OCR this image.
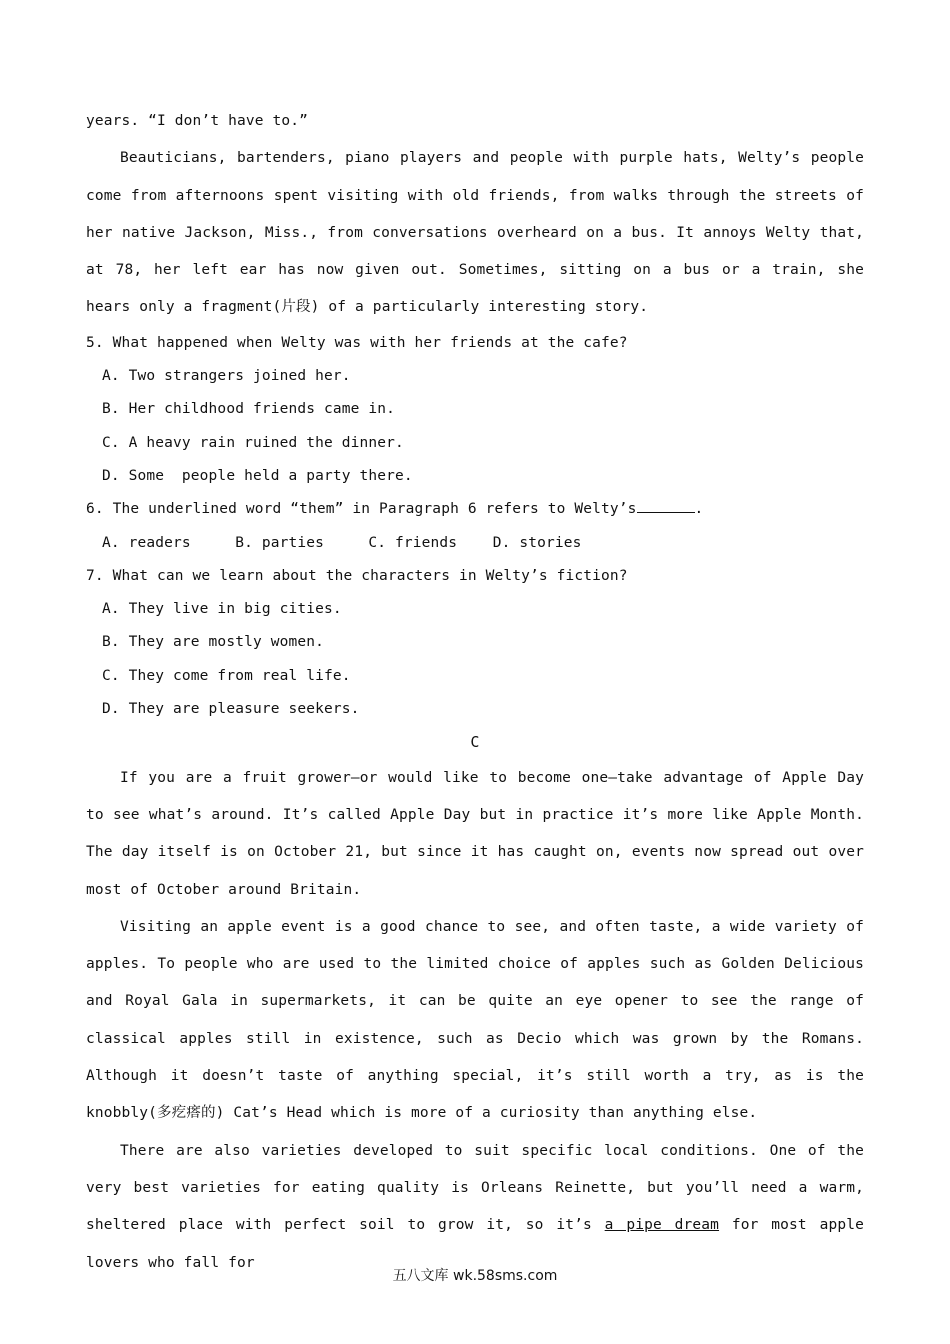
years. “I don’t have to.”

Beauticians, bartenders, piano players and people with purple hats, Welty’s people come from afternoons spent visiting with old friends, from walks through the streets of her native Jackson, Miss., from conversations overheard on a bus. It annoys Welty that, at 78, her left ear has now given out. Sometimes, sitting on a bus or a train, she hears only a fragment(片段) of a particularly interesting story.

5. What happened when Welty was with her friends at the cafe?

A. Two strangers joined her.

B. Her childhood friends came in.

C. A heavy rain ruined the dinner.

D. Some  people held a party there.

6. The underlined word “them” in Paragraph 6 refers to Welty’s	.

A. readers     B. parties     C. friends    D. stories

7. What can we learn about the characters in Welty’s fiction?

A. They live in big cities.

B. They are mostly women.

C. They come from real life.

D. They are pleasure seekers.

C

If you are a fruit grower—or would like to become one—take advantage of Apple Day to see what’s around. It’s called Apple Day but in practice it’s more like Apple Month. The day itself is on October 21, but since it has caught on, events now spread out over most of October around Britain.

Visiting an apple event is a good chance to see, and often taste, a wide variety of apples. To people who are used to the limited choice of apples such as Golden Delicious and Royal Gala in supermarkets, it can be quite an eye opener to see the range of classical apples still in existence, such as Decio which was grown by the Romans. Although it doesn’t taste of anything special, it’s still worth a try, as is the knobbly(多疙瘩的) Cat’s Head which is more of a curiosity than anything else.

There are also varieties developed to suit specific local conditions. One of the very best varieties for eating quality is Orleans Reinette, but you’ll need a warm, sheltered place with perfect soil to grow it, so it’s a pipe dream for most apple lovers who fall for

五八文库 wk.58sms.com
